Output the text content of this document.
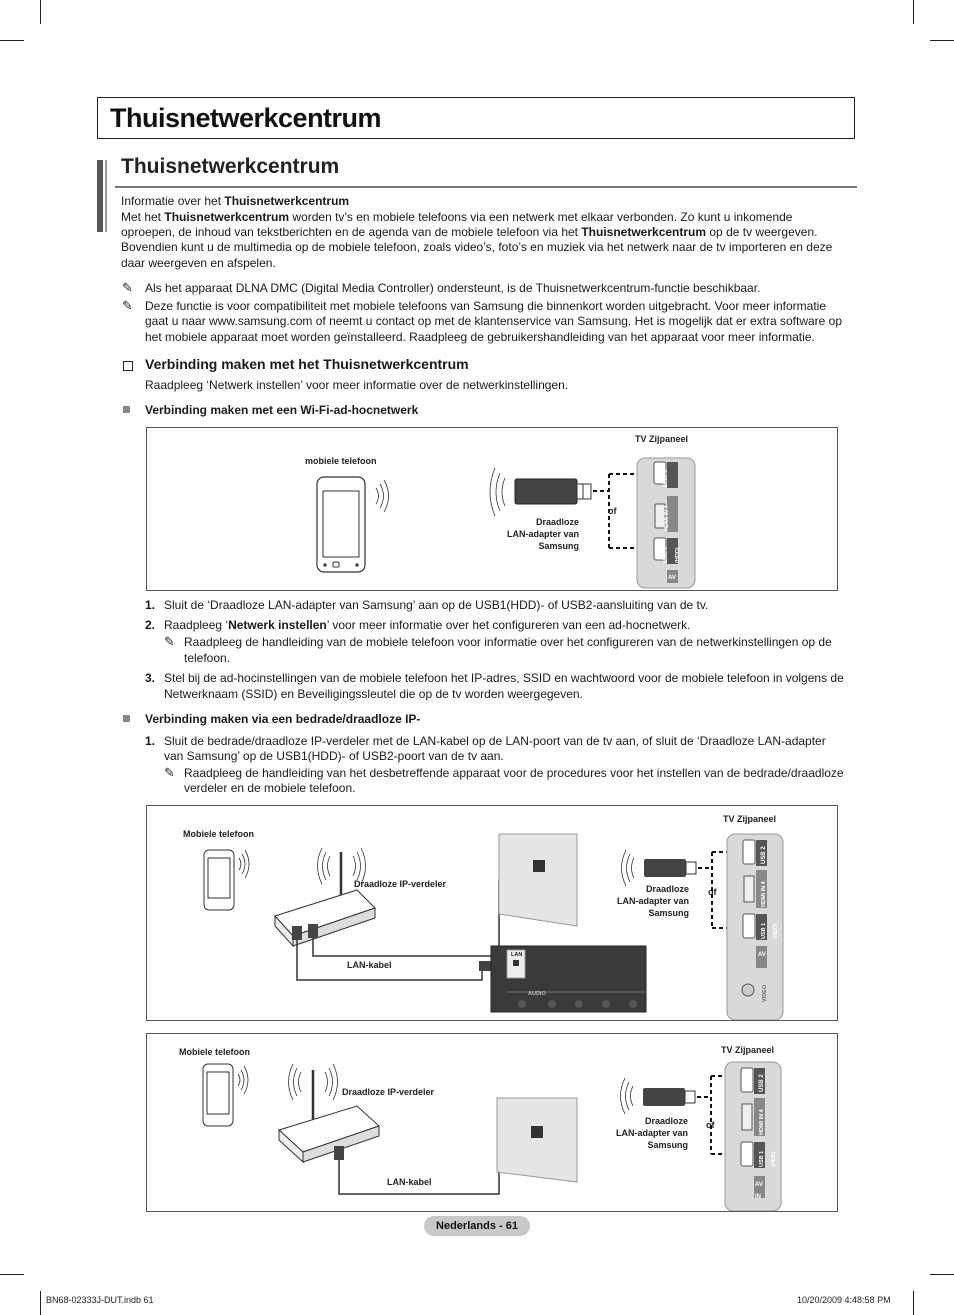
Thuisnetwerkcentrum
Thuisnetwerkcentrum
Informatie over het Thuisnetwerkcentrum
Met het Thuisnetwerkcentrum worden tv’s en mobiele telefoons via een netwerk met elkaar verbonden. Zo kunt u inkomende
oproepen, de inhoud van tekstberichten en de agenda van de mobiele telefoon via het Thuisnetwerkcentrum op de tv weergeven.
Bovendien kunt u de multimedia op de mobiele telefoon, zoals video’s, foto’s en muziek via het netwerk naar de tv importeren en deze
daar weergeven en afspelen.
✎ Als het apparaat DLNA DMC (Digital Media Controller) ondersteunt, is de Thuisnetwerkcentrum-functie beschikbaar.
✎ Deze functie is voor compatibiliteit met mobiele telefoons van Samsung die binnenkort worden uitgebracht. Voor meer informatie
gaat u naar www.samsung.com of neemt u contact op met de klantenservice van Samsung. Het is mogelijk dat er extra software op
het mobiele apparaat moet worden geïnstalleerd. Raadpleeg de gebruikershandleiding van het apparaat voor meer informatie.
Verbinding maken met het Thuisnetwerkcentrum
Raadpleeg ‘Netwerk instellen’ voor meer informatie over de netwerkinstellingen.
Verbinding maken met een Wi-Fi-ad-hocnetwerk
mobiele telefoon
TV Zijpaneel
of
Draadloze
LAN-adapter van
Samsung
USB 2
HDMI IN 4
USB 1 (HDD)
AV
1. Sluit de ‘Draadloze LAN-adapter van Samsung’ aan op de USB1(HDD)- of USB2-aansluiting van de tv.
2. Raadpleeg ‘Netwerk instellen’ voor meer informatie over het configureren van een ad-hocnetwerk.
✎ Raadpleeg de handleiding van de mobiele telefoon voor informatie over het configureren van de netwerkinstellingen op de
telefoon.
3. Stel bij de ad-hocinstellingen van de mobiele telefoon het IP-adres, SSID en wachtwoord voor de mobiele telefoon in volgens de
Netwerknaam (SSID) en Beveiligingssleutel die op de tv worden weergegeven.
Verbinding maken via een bedrade/draadloze IP-
1. Sluit de bedrade/draadloze IP-verdeler met de LAN-kabel op de LAN-poort van de tv aan, of sluit de ‘Draadloze LAN-adapter
van Samsung’ op de USB1(HDD)- of USB2-poort van de tv aan.
✎ Raadpleeg de handleiding van het desbetreffende apparaat voor de procedures voor het instellen van de bedrade/draadloze
verdeler en de mobiele telefoon.
Mobiele telefoon
Draadloze IP-verdeler
LAN-kabel
TV Zijpaneel
of
Draadloze
LAN-adapter van
Samsung
LAN
AUDIO
USB 2
HDMI IN 4
USB 1 (HDD)
AV
VIDEO
Mobiele telefoon
Draadloze IP-verdeler
LAN-kabel
TV Zijpaneel
of
Draadloze
LAN-adapter van
Samsung
USB 2
HDMI IN 4
USB 1 (HDD)
AV IN
Nederlands - 61
BN68-02333J-DUT.indb 61	10/20/2009 4:48:58 PM
